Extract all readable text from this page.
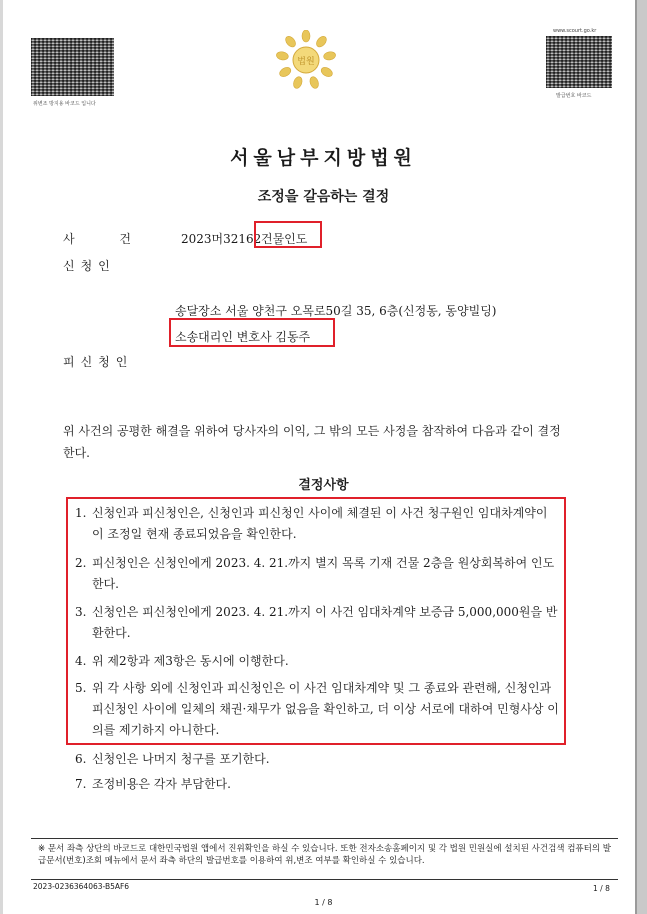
위변조 방지용 바코드 입니다
www.scourt.go.kr
발급번호 바코드
법원
서울남부지방법원
조정을 갈음하는 결정
사	건	2023머32162 건물인도
신청인
송달장소 서울 양천구 오목로50길 35, 6층(신정동, 동양빌딩)
소송대리인 변호사 김동주
피신청인
위 사건의 공평한 해결을 위하여 당사자의 이익, 그 밖의 모든 사정을 참작하여 다음과 같이 결정한다.
결정사항
1. 신청인과 피신청인은, 신청인과 피신청인 사이에 체결된 이 사건 청구원인 임대차계약이 이 조정일 현재 종료되었음을 확인한다.
2. 피신청인은 신청인에게 2023. 4. 21.까지 별지 목록 기재 건물 2층을 원상회복하여 인도한다.
3. 신청인은 피신청인에게 2023. 4. 21.까지 이 사건 임대차계약 보증금 5,000,000원을 반환한다.
4. 위 제2항과 제3항은 동시에 이행한다.
5. 위 각 사항 외에 신청인과 피신청인은 이 사건 임대차계약 및 그 종료와 관련해, 신청인과 피신청인 사이에 일체의 채권·채무가 없음을 확인하고, 더 이상 서로에 대하여 민형사상 이의를 제기하지 아니한다.
6. 신청인은 나머지 청구를 포기한다.
7. 조정비용은 각자 부담한다.
※ 문서 좌측 상단의 바코드로 대한민국법원 앱에서 진위확인을 하실 수 있습니다. 또한 전자소송홈페이지 및 각 법원 민원실에 설치된 사건검색 컴퓨터의 발급문서(번호)조회 메뉴에서 문서 좌측 하단의 발급번호를 이용하여 위,변조 여부를 확인하실 수 있습니다.
2023-0236364063-B5AF6	1 / 8
1 / 8
